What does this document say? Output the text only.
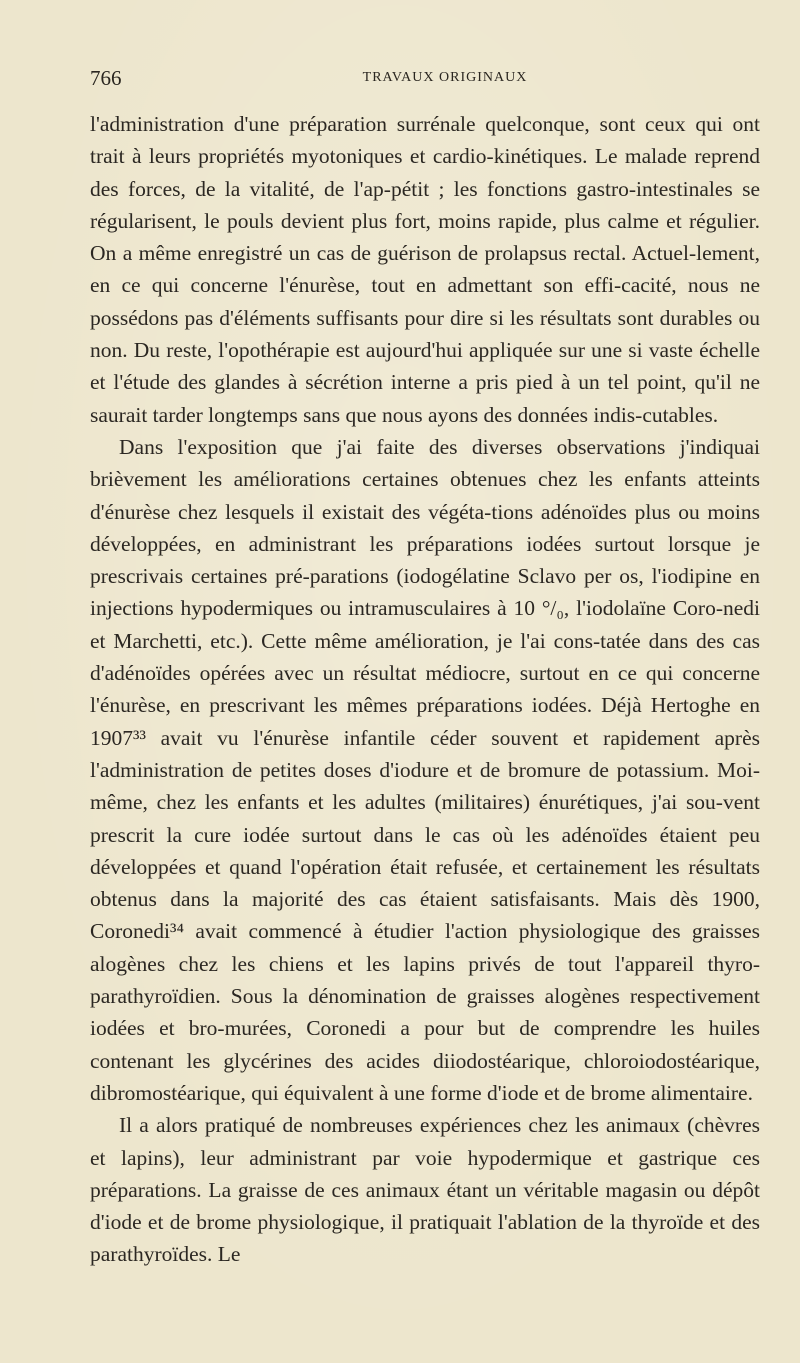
766	TRAVAUX ORIGINAUX

l'administration d'une préparation surrénale quelconque, sont ceux qui ont trait à leurs propriétés myotoniques et cardio-kinétiques. Le malade reprend des forces, de la vitalité, de l'ap-pétit ; les fonctions gastro-intestinales se régularisent, le pouls devient plus fort, moins rapide, plus calme et régulier. On a même enregistré un cas de guérison de prolapsus rectal. Actuel-lement, en ce qui concerne l'énurèse, tout en admettant son effi-cacité, nous ne possédons pas d'éléments suffisants pour dire si les résultats sont durables ou non. Du reste, l'opothérapie est aujourd'hui appliquée sur une si vaste échelle et l'étude des glandes à sécrétion interne a pris pied à un tel point, qu'il ne saurait tarder longtemps sans que nous ayons des données indis-cutables.

Dans l'exposition que j'ai faite des diverses observations j'indiquai brièvement les améliorations certaines obtenues chez les enfants atteints d'énurèse chez lesquels il existait des végéta-tions adénoïdes plus ou moins développées, en administrant les préparations iodées surtout lorsque je prescrivais certaines pré-parations (iodogélatine Sclavo per os, l'iodipine en injections hypodermiques ou intramusculaires à 10 °/₀, l'iodolaïne Coro-nedi et Marchetti, etc.). Cette même amélioration, je l'ai cons-tatée dans des cas d'adénoïdes opérées avec un résultat médiocre, surtout en ce qui concerne l'énurèse, en prescrivant les mêmes préparations iodées. Déjà Hertoghe en 1907³³ avait vu l'énurèse infantile céder souvent et rapidement après l'administration de petites doses d'iodure et de bromure de potassium. Moi-même, chez les enfants et les adultes (militaires) énurétiques, j'ai sou-vent prescrit la cure iodée surtout dans le cas où les adénoïdes étaient peu développées et quand l'opération était refusée, et certainement les résultats obtenus dans la majorité des cas étaient satisfaisants. Mais dès 1900, Coronedi³⁴ avait commencé à étudier l'action physiologique des graisses alogènes chez les chiens et les lapins privés de tout l'appareil thyro-parathyroïdien. Sous la dénomination de graisses alogènes respectivement iodées et bro-murées, Coronedi a pour but de comprendre les huiles contenant les glycérines des acides diiodostéarique, chloroiodostéarique, dibromostéarique, qui équivalent à une forme d'iode et de brome alimentaire.

Il a alors pratiqué de nombreuses expériences chez les animaux (chèvres et lapins), leur administrant par voie hypodermique et gastrique ces préparations. La graisse de ces animaux étant un véritable magasin ou dépôt d'iode et de brome physiologique, il pratiquait l'ablation de la thyroïde et des parathyroïdes. Le
